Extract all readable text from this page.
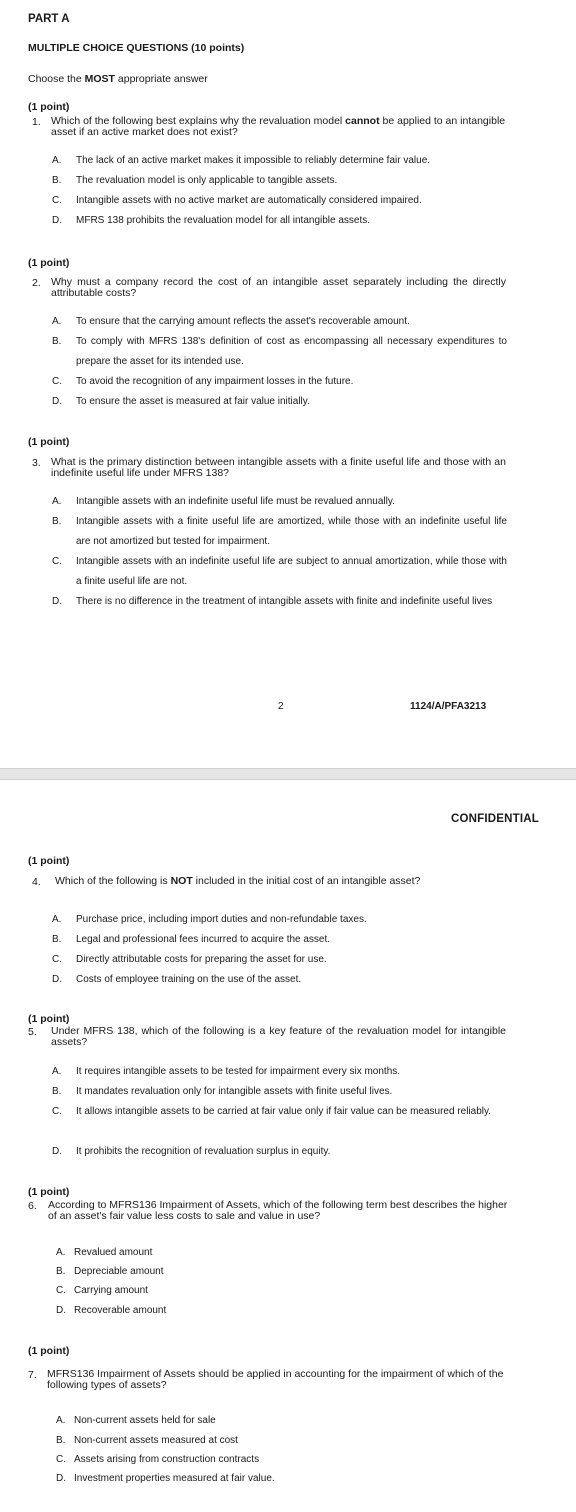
PART A
MULTIPLE CHOICE QUESTIONS (10 points)
Choose the MOST appropriate answer
(1 point)
1. Which of the following best explains why the revaluation model cannot be applied to an intangible asset if an active market does not exist?
A. The lack of an active market makes it impossible to reliably determine fair value.
B. The revaluation model is only applicable to tangible assets.
C. Intangible assets with no active market are automatically considered impaired.
D. MFRS 138 prohibits the revaluation model for all intangible assets.
(1 point)
2. Why must a company record the cost of an intangible asset separately including the directly attributable costs?
A. To ensure that the carrying amount reflects the asset's recoverable amount.
B. To comply with MFRS 138's definition of cost as encompassing all necessary expenditures to prepare the asset for its intended use.
C. To avoid the recognition of any impairment losses in the future.
D. To ensure the asset is measured at fair value initially.
(1 point)
3. What is the primary distinction between intangible assets with a finite useful life and those with an indefinite useful life under MFRS 138?
A. Intangible assets with an indefinite useful life must be revalued annually.
B. Intangible assets with a finite useful life are amortized, while those with an indefinite useful life are not amortized but tested for impairment.
C. Intangible assets with an indefinite useful life are subject to annual amortization, while those with a finite useful life are not.
D. There is no difference in the treatment of intangible assets with finite and indefinite useful lives
2	1124/A/PFA3213
CONFIDENTIAL
(1 point)
4. Which of the following is NOT included in the initial cost of an intangible asset?
A. Purchase price, including import duties and non-refundable taxes.
B. Legal and professional fees incurred to acquire the asset.
C. Directly attributable costs for preparing the asset for use.
D. Costs of employee training on the use of the asset.
(1 point)
5. Under MFRS 138, which of the following is a key feature of the revaluation model for intangible assets?
A. It requires intangible assets to be tested for impairment every six months.
B. It mandates revaluation only for intangible assets with finite useful lives.
C. It allows intangible assets to be carried at fair value only if fair value can be measured reliably.
D. It prohibits the recognition of revaluation surplus in equity.
(1 point)
6. According to MFRS136 Impairment of Assets, which of the following term best describes the higher of an asset's fair value less costs to sale and value in use?
A. Revalued amount
B. Depreciable amount
C. Carrying amount
D. Recoverable amount
(1 point)
7. MFRS136 Impairment of Assets should be applied in accounting for the impairment of which of the following types of assets?
A. Non-current assets held for sale
B. Non-current assets measured at cost
C. Assets arising from construction contracts
D. Investment properties measured at fair value.
